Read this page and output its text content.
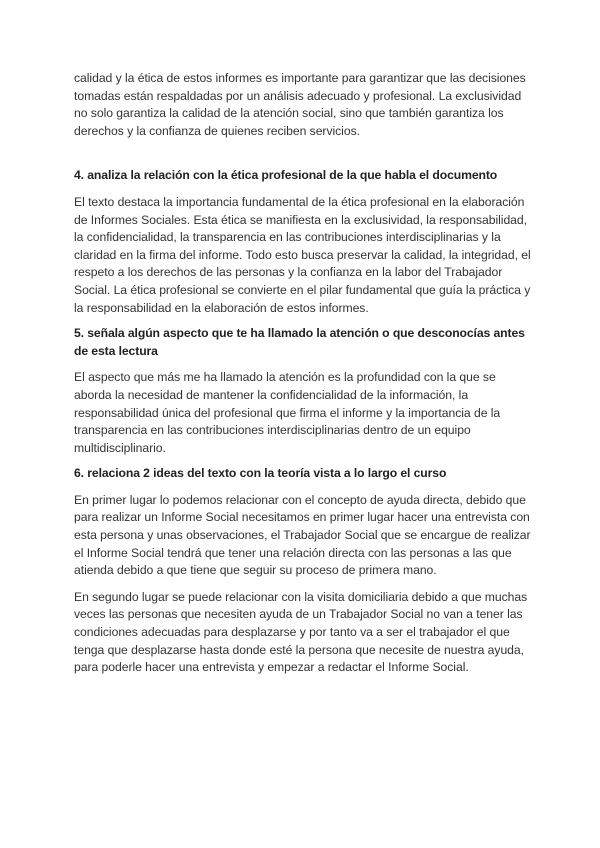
calidad y la ética de estos informes es importante para garantizar que las decisiones tomadas están respaldadas por un análisis adecuado y profesional. La exclusividad no solo garantiza la calidad de la atención social, sino que también garantiza los derechos y la confianza de quienes reciben servicios.

4. analiza la relación con la ética profesional de la que habla el documento

El texto destaca la importancia fundamental de la ética profesional en la elaboración de Informes Sociales. Esta ética se manifiesta en la exclusividad, la responsabilidad, la confidencialidad, la transparencia en las contribuciones interdisciplinarias y la claridad en la firma del informe. Todo esto busca preservar la calidad, la integridad, el respeto a los derechos de las personas y la confianza en la labor del Trabajador Social. La ética profesional se convierte en el pilar fundamental que guía la práctica y la responsabilidad en la elaboración de estos informes.

5. señala algún aspecto que te ha llamado la atención o que desconocías antes de esta lectura

El aspecto que más me ha llamado la atención es la profundidad con la que se aborda la necesidad de mantener la confidencialidad de la información, la responsabilidad única del profesional que firma el informe y la importancia de la transparencia en las contribuciones interdisciplinarias dentro de un equipo multidisciplinario.

6. relaciona 2 ideas del texto con la teoría vista a lo largo el curso

En primer lugar lo podemos relacionar con el concepto de ayuda directa, debido que para realizar un Informe Social necesitamos en primer lugar hacer una entrevista con esta persona y unas observaciones, el Trabajador Social que se encargue de realizar el Informe Social tendrá que tener una relación directa con las personas a las que atienda debido a que tiene que seguir su proceso de primera mano.

En segundo lugar se puede relacionar con la visita domiciliaria debido a que muchas veces las personas que necesiten ayuda de un Trabajador Social no van a tener las condiciones adecuadas para desplazarse y por tanto va a ser el trabajador el que tenga que desplazarse hasta donde esté la persona que necesite de nuestra ayuda, para poderle hacer una entrevista y empezar a redactar el Informe Social.
